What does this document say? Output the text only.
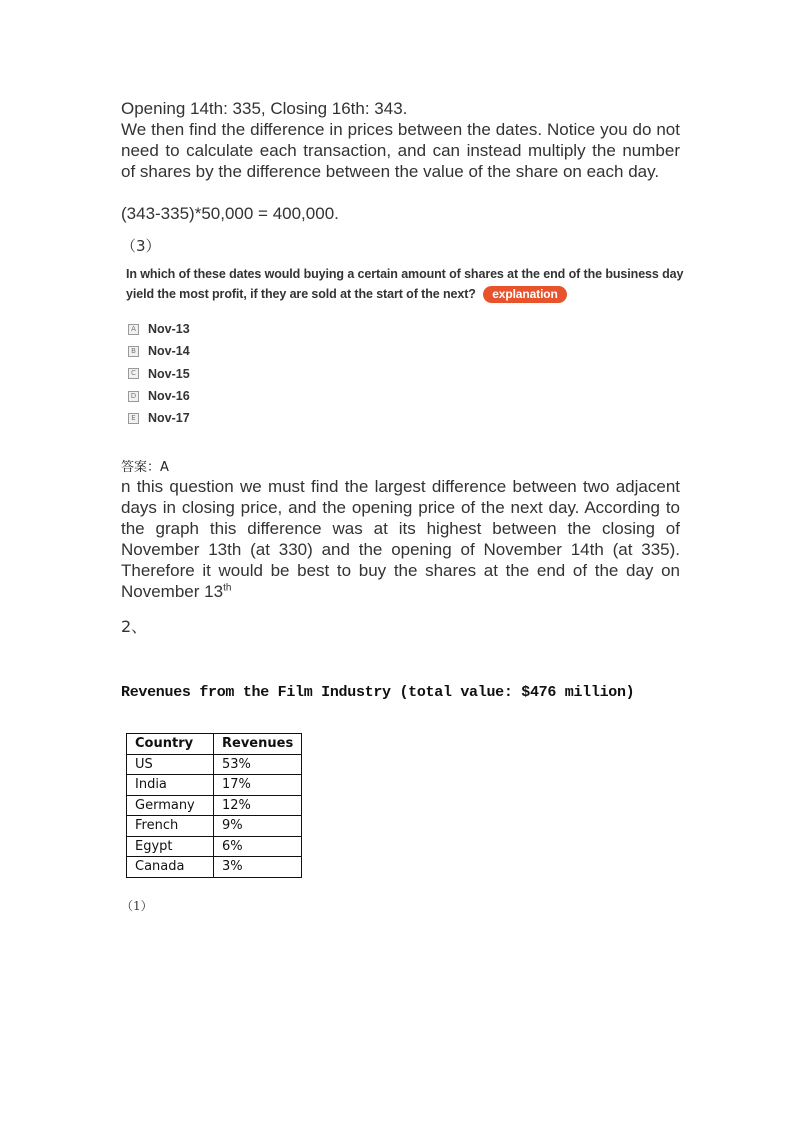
Opening 14th: 335, Closing 16th: 343.

We then find the difference in prices between the dates. Notice you do not need to calculate each transaction, and can instead multiply the number of shares by the difference between the value of the share on each day.

(343-335)*50,000 = 400,000.

（3）
In which of these dates would buying a certain amount of shares at the end of the business day yield the most profit, if they are sold at the start of the next? explanation
A Nov-13
B Nov-14
C Nov-15
D Nov-16
E Nov-17
答案：A

n this question we must find the largest difference between two adjacent days in closing price, and the opening price of the next day. According to the graph this difference was at its highest between the closing of November 13th (at 330) and the opening of November 14th (at 335). Therefore it would be best to buy the shares at the end of the day on November 13th

2、
Revenues from the Film Industry (total value: $476 million)
Country	Revenues
US	53%
India	17%
Germany	12%
French	9%
Egypt	6%
Canada	3%
（1）
